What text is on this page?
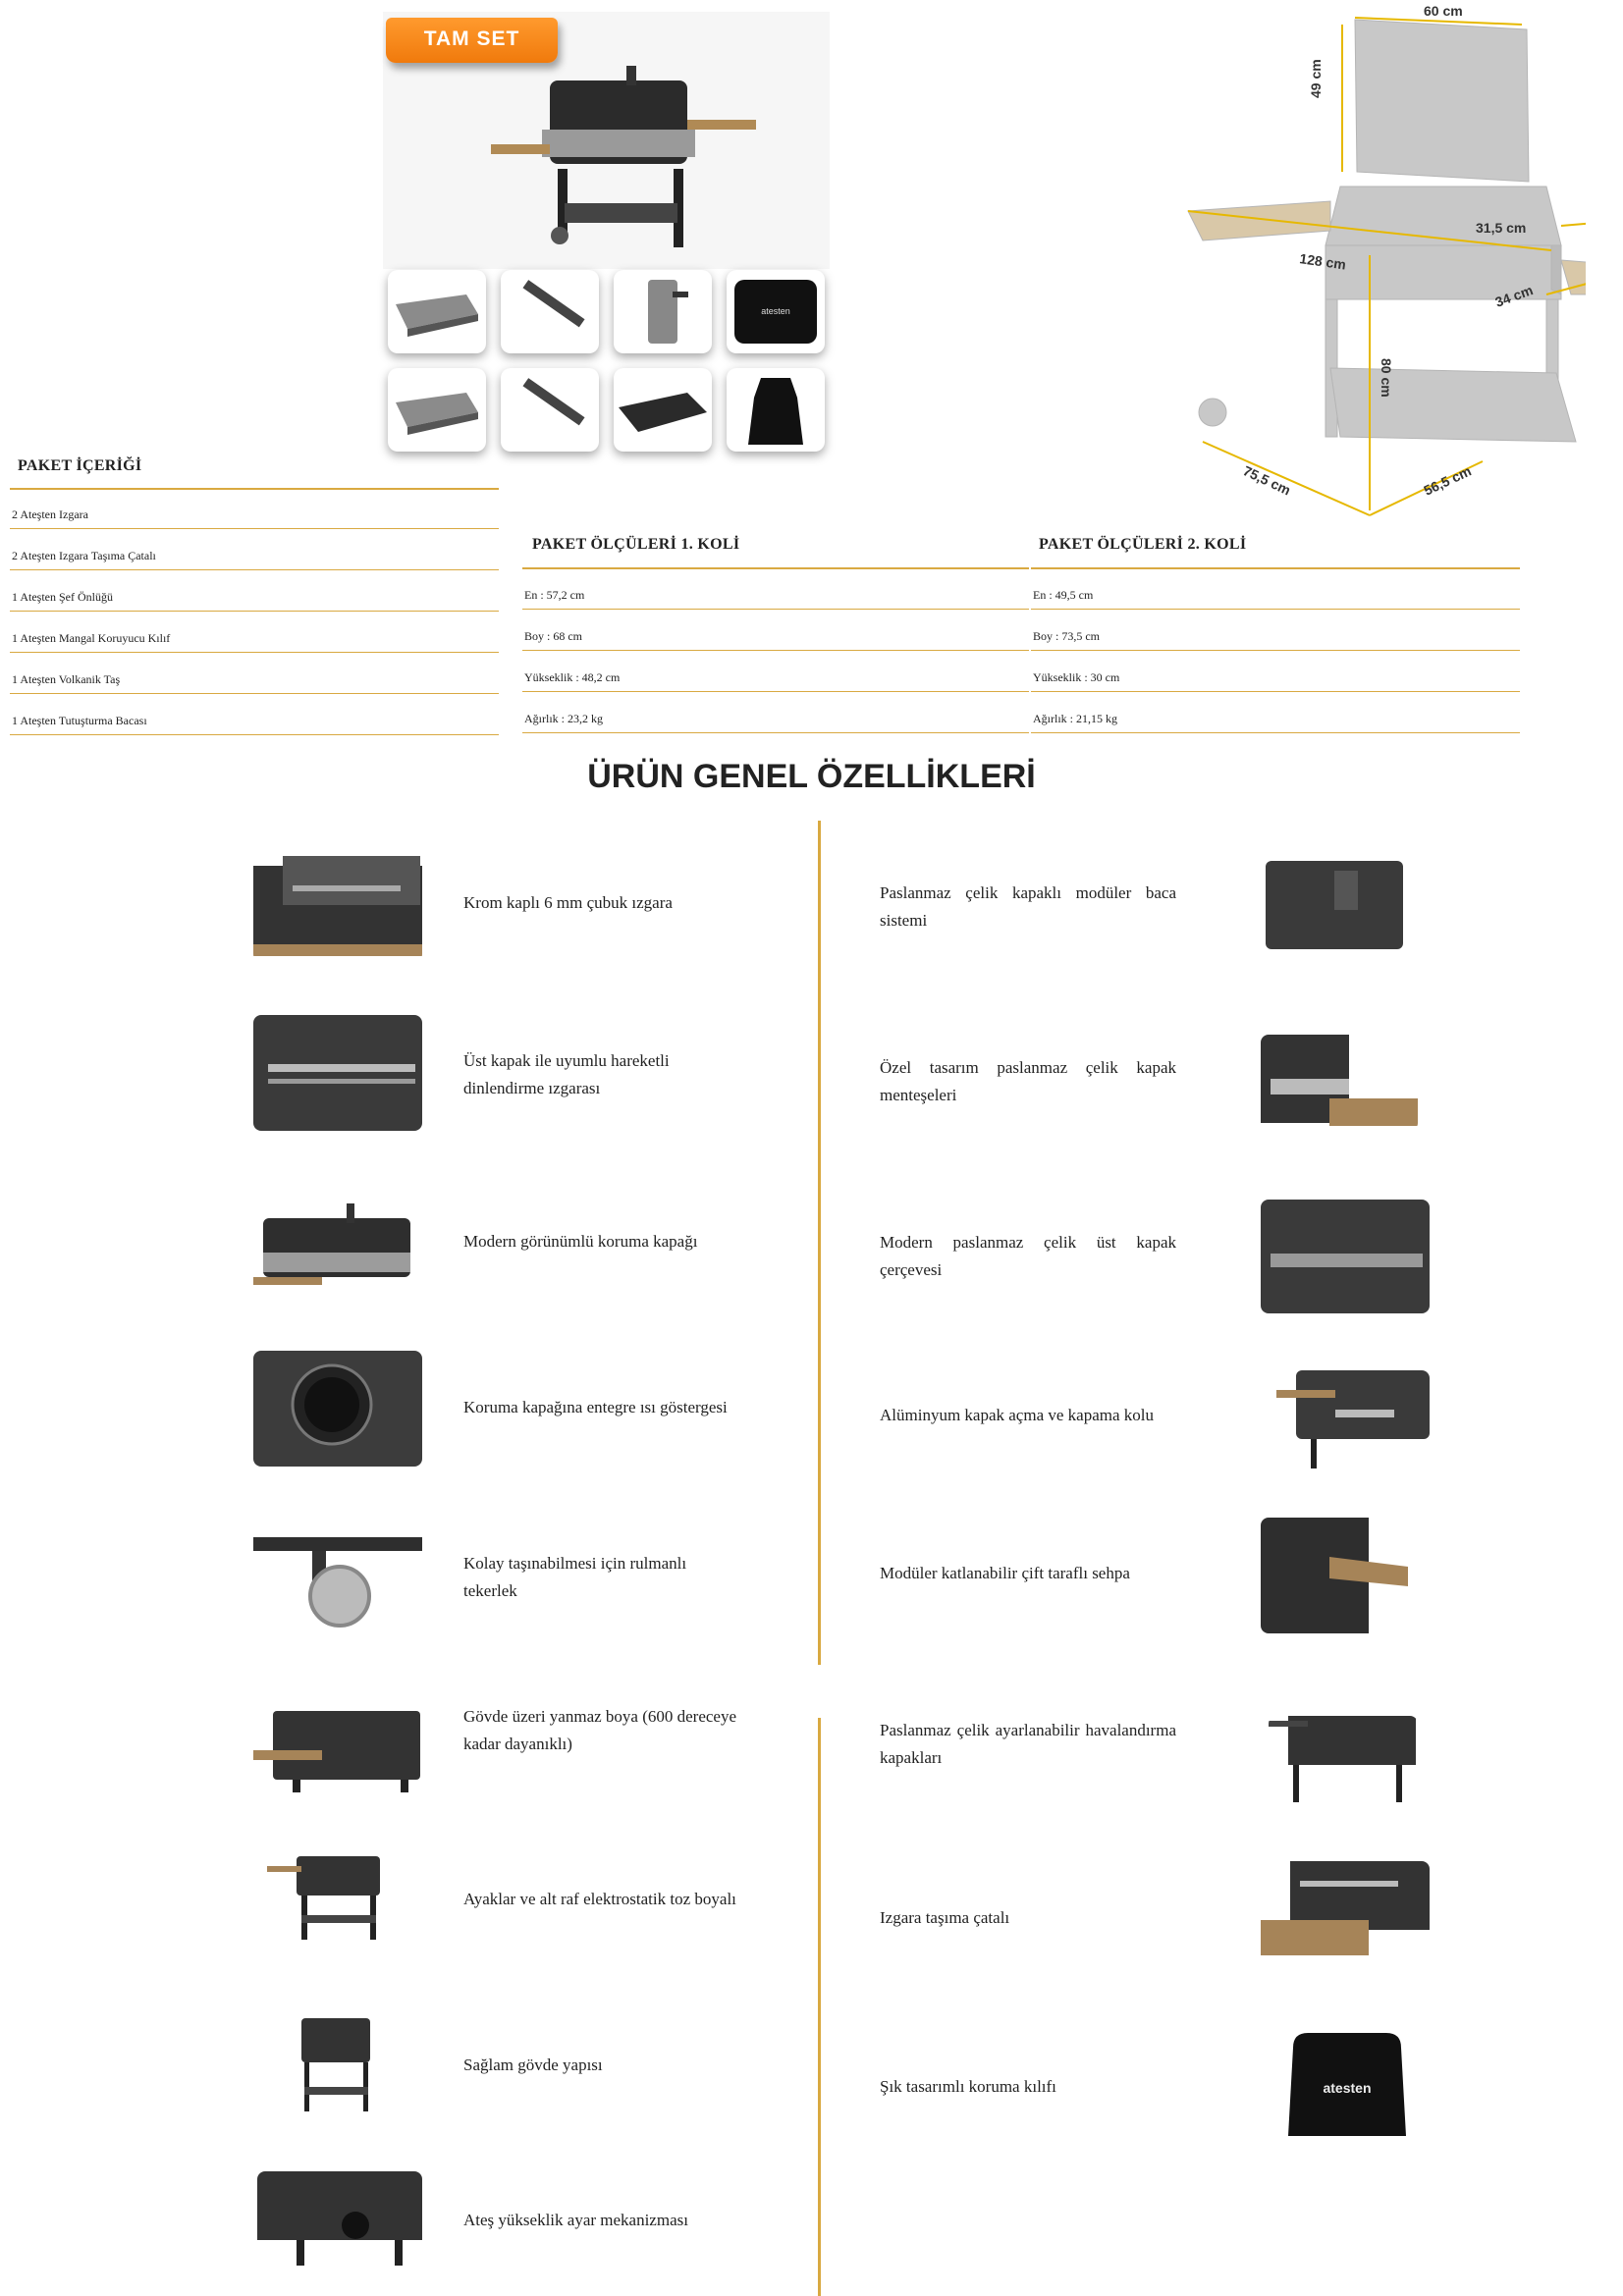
TAM SET
atesten
60 cm
49 cm
31,5 cm
128 cm
34 cm
80 cm
75,5 cm	56,5 cm
PAKET İÇERİĞİ
2 Ateşten Izgara
2 Ateşten Izgara Taşıma Çatalı
1 Ateşten Şef Önlüğü
1 Ateşten Mangal Koruyucu Kılıf
1 Ateşten Volkanik Taş
1 Ateşten Tutuşturma Bacası
PAKET ÖLÇÜLERİ 1. KOLİ
En : 57,2 cm
Boy : 68 cm
Yükseklik : 48,2 cm
Ağırlık : 23,2 kg
PAKET ÖLÇÜLERİ 2. KOLİ
En : 49,5 cm
Boy : 73,5 cm
Yükseklik : 30 cm
Ağırlık : 21,15 kg
ÜRÜN GENEL ÖZELLİKLERİ
Krom kaplı 6 mm çubuk ızgara
Üst kapak ile uyumlu hareketli dinlendirme ızgarası
Modern görünümlü koruma kapağı
Koruma kapağına entegre ısı göstergesi
Kolay taşınabilmesi için rulmanlı tekerlek
Gövde üzeri yanmaz boya (600 dereceye kadar dayanıklı)
Ayaklar ve alt raf elektrostatik toz boyalı
Sağlam gövde yapısı
Ateş yükseklik ayar mekanizması
Paslanmaz çelik kapaklı modüler baca sistemi
Özel tasarım paslanmaz çelik kapak menteşeleri
Modern paslanmaz çelik üst kapak çerçevesi
Alüminyum kapak açma ve kapama kolu
Modüler katlanabilir çift taraflı sehpa
Paslanmaz çelik ayarlanabilir havalandırma kapakları
Izgara taşıma çatalı
Şık tasarımlı koruma kılıfı	atesten
